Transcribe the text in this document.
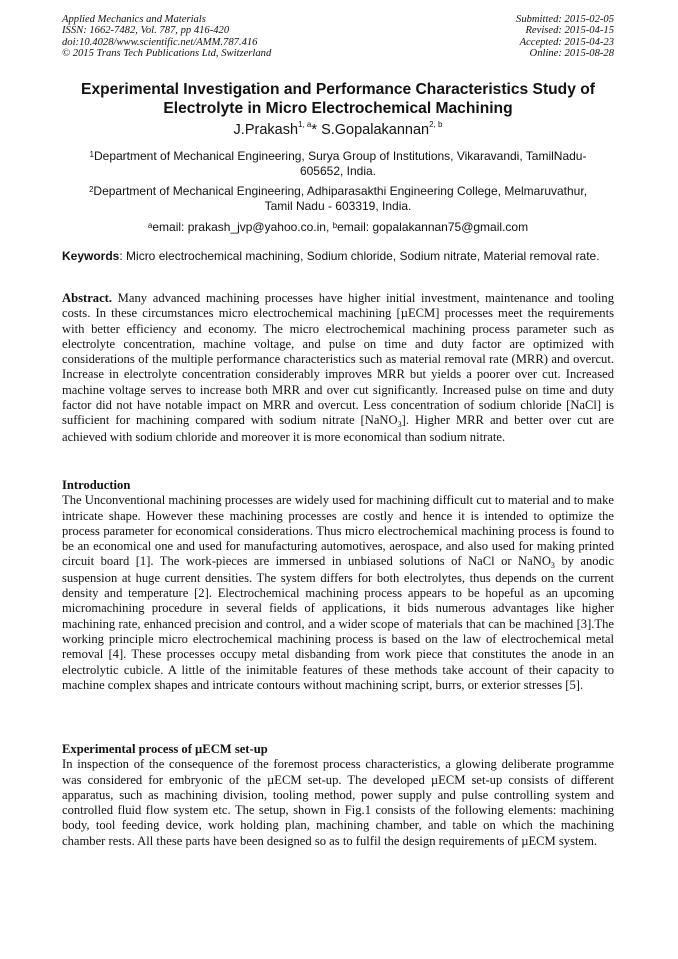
Applied Mechanics and Materials
ISSN: 1662-7482, Vol. 787, pp 416-420
doi:10.4028/www.scientific.net/AMM.787.416
© 2015 Trans Tech Publications Ltd, Switzerland
Submitted: 2015-02-05
Revised: 2015-04-15
Accepted: 2015-04-23
Online: 2015-08-28
Experimental Investigation and Performance Characteristics Study of Electrolyte in Micro Electrochemical Machining
J.Prakash$^{1, a}$* S.Gopalakannan$^{2, b}$
$^1$Department of Mechanical Engineering, Surya Group of Institutions, Vikaravandi, TamilNadu-605652, India.
$^2$Department of Mechanical Engineering, Adhiparasakthi Engineering College, Melmaruvathur, Tamil Nadu - 603319, India.
$^a$email: prakash_jvp@yahoo.co.in, $^b$email: gopalakannan75@gmail.com
Keywords: Micro electrochemical machining, Sodium chloride, Sodium nitrate, Material removal rate.
Abstract. Many advanced machining processes have higher initial investment, maintenance and tooling costs. In these circumstances micro electrochemical machining [µECM] processes meet the requirements with better efficiency and economy. The micro electrochemical machining process parameter such as electrolyte concentration, machine voltage, and pulse on time and duty factor are optimized with considerations of the multiple performance characteristics such as material removal rate (MRR) and overcut. Increase in electrolyte concentration considerably improves MRR but yields a poorer over cut. Increased machine voltage serves to increase both MRR and over cut significantly. Increased pulse on time and duty factor did not have notable impact on MRR and overcut. Less concentration of sodium chloride [NaCl] is sufficient for machining compared with sodium nitrate [NaNO$_3$]. Higher MRR and better over cut are achieved with sodium chloride and moreover it is more economical than sodium nitrate.
Introduction
The Unconventional machining processes are widely used for machining difficult cut to material and to make intricate shape. However these machining processes are costly and hence it is intended to optimize the process parameter for economical considerations. Thus micro electrochemical machining process is found to be an economical one and used for manufacturing automotives, aerospace, and also used for making printed circuit board [1]. The work-pieces are immersed in unbiased solutions of NaCl or NaNO$_3$ by anodic suspension at huge current densities. The system differs for both electrolytes, thus depends on the current density and temperature [2]. Electrochemical machining process appears to be hopeful as an upcoming micromachining procedure in several fields of applications, it bids numerous advantages like higher machining rate, enhanced precision and control, and a wider scope of materials that can be machined [3].The working principle micro electrochemical machining process is based on the law of electrochemical metal removal [4]. These processes occupy metal disbanding from work piece that constitutes the anode in an electrolytic cubicle. A little of the inimitable features of these methods take account of their capacity to machine complex shapes and intricate contours without machining script, burrs, or exterior stresses [5].
Experimental process of µECM set-up
In inspection of the consequence of the foremost process characteristics, a glowing deliberate programme was considered for embryonic of the µECM set-up. The developed µECM set-up consists of different apparatus, such as machining division, tooling method, power supply and pulse controlling system and controlled fluid flow system etc. The setup, shown in Fig.1 consists of the following elements: machining body, tool feeding device, work holding plan, machining chamber, and table on which the machining chamber rests. All these parts have been designed so as to fulfil the design requirements of µECM system.
